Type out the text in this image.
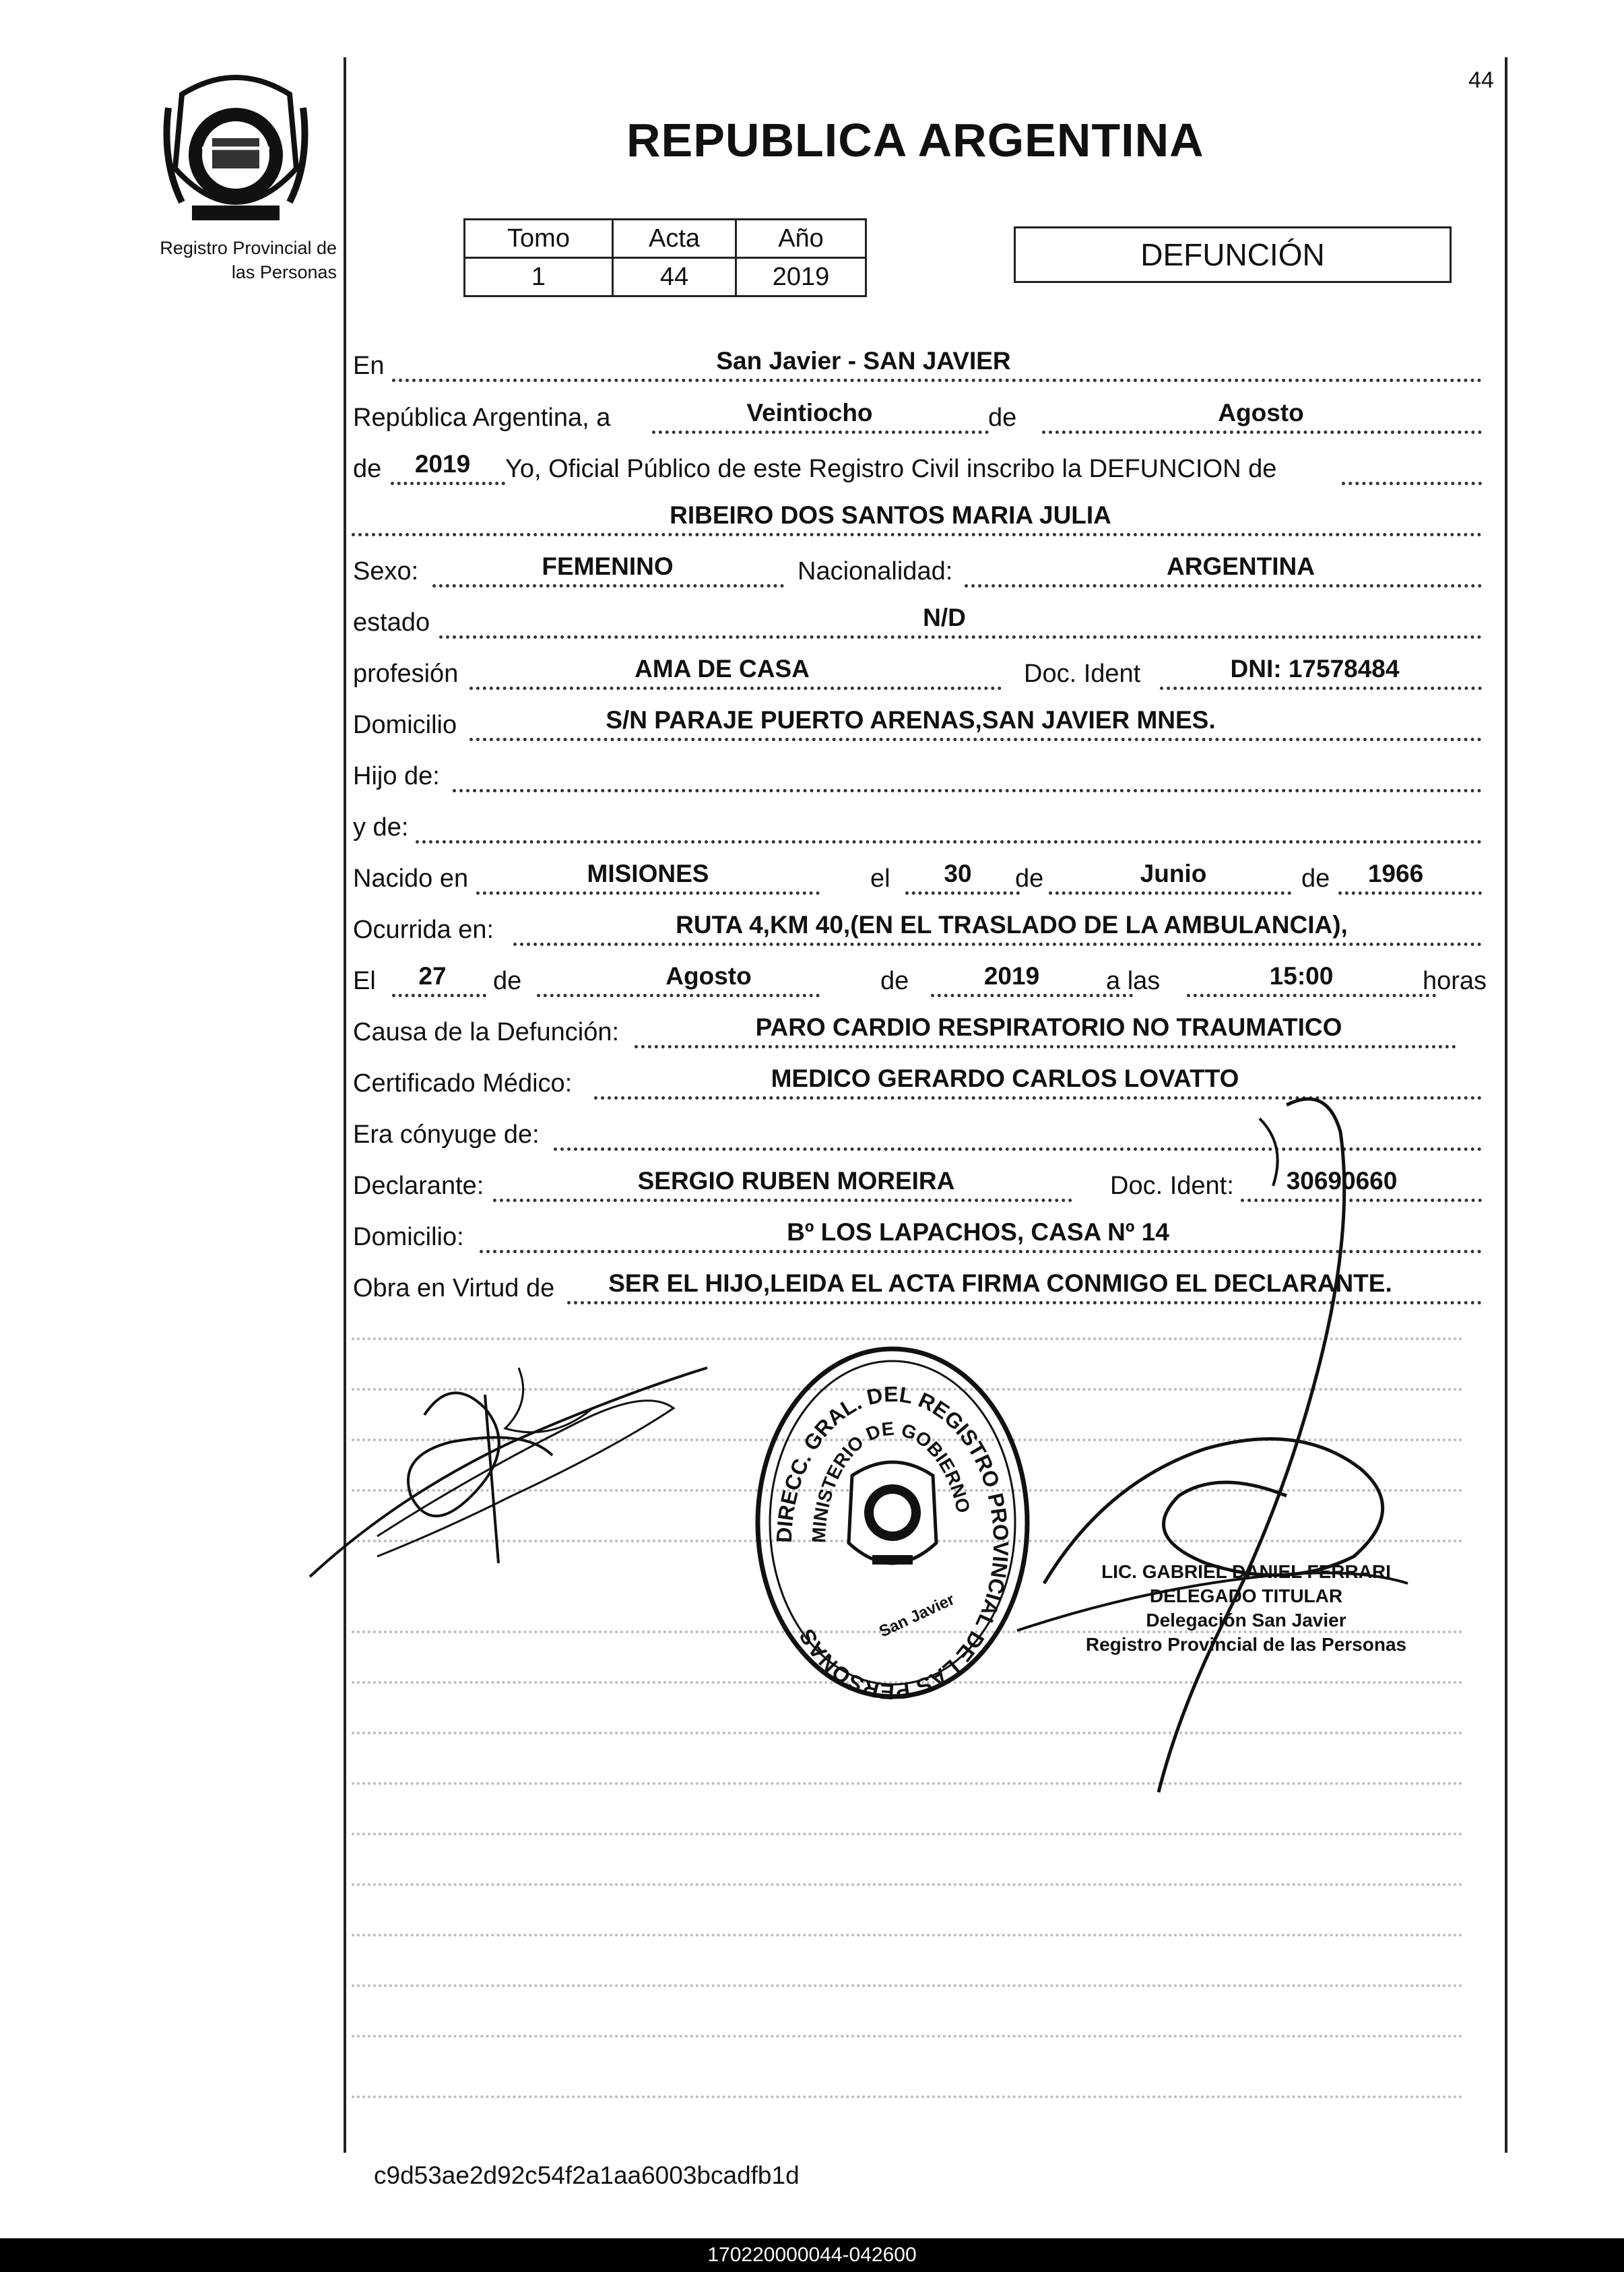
44
REPUBLICA ARGENTINA
Registro Provincial de
las Personas
Tomo	Acta	Año
1	44	2019
DEFUNCIÓN
En	San Javier - SAN JAVIER
República Argentina, a	Veintiocho	de	Agosto
de	2019	Yo, Oficial Público de este Registro Civil inscribo la DEFUNCION de
RIBEIRO DOS SANTOS MARIA JULIA
Sexo:	FEMENINO	Nacionalidad:	ARGENTINA
estado	N/D
profesión	AMA DE CASA	Doc. Ident	DNI: 17578484
Domicilio	S/N PARAJE PUERTO ARENAS,SAN JAVIER MNES.
Hijo de:
y de:
Nacido en	MISIONES	el	30	de	Junio	de	1966
Ocurrida en:	RUTA 4,KM 40,(EN EL TRASLADO DE LA AMBULANCIA),
El	27	de	Agosto	de	2019	a las	15:00	horas
Causa de la Defunción:	PARO CARDIO RESPIRATORIO NO TRAUMATICO
Certificado Médico:	MEDICO GERARDO CARLOS LOVATTO
Era cónyuge de:
Declarante:	SERGIO RUBEN MOREIRA	Doc. Ident:	30690660
Domicilio:	Bº LOS LAPACHOS, CASA Nº 14
Obra en Virtud de	SER EL HIJO,LEIDA EL ACTA FIRMA CONMIGO EL DECLARANTE.
DIRECC. GRAL. DEL REGISTRO PROVINCIAL DE LAS PERSONAS
MINISTERIO DE GOBIERNO
San Javier
LIC. GABRIEL DANIEL FERRARI
DELEGADO TITULAR
Delegación San Javier
Registro Provincial de las Personas
c9d53ae2d92c54f2a1aa6003bcadfb1d
170220000044-042600
